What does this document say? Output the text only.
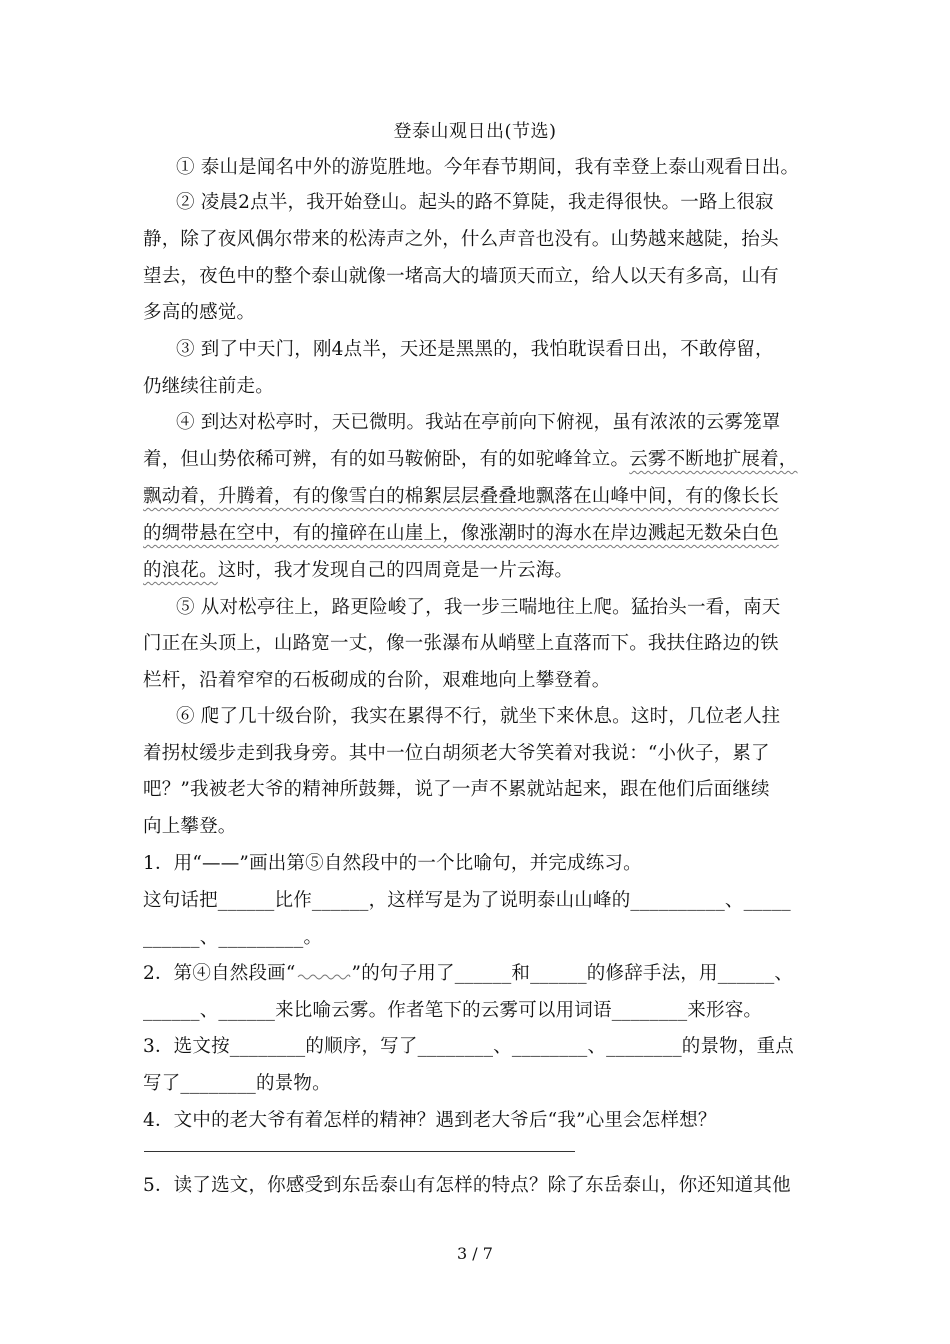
登泰山观日出(节选)
① 泰山是闻名中外的游览胜地。今年春节期间，我有幸登上泰山观看日出。
② 凌晨2点半，我开始登山。起头的路不算陡，我走得很快。一路上很寂
静，除了夜风偶尔带来的松涛声之外，什么声音也没有。山势越来越陡，抬头
望去，夜色中的整个泰山就像一堵高大的墙顶天而立，给人以天有多高，山有
多高的感觉。
③ 到了中天门，刚4点半，天还是黑黑的，我怕耽误看日出，不敢停留，
仍继续往前走。
④ 到达对松亭时，天已微明。我站在亭前向下俯视，虽有浓浓的云雾笼罩
着，但山势依稀可辨，有的如马鞍俯卧，有的如驼峰耸立。云雾不断地扩展着，
飘动着，升腾着，有的像雪白的棉絮层层叠叠地飘落在山峰中间，有的像长长
的绸带悬在空中，有的撞碎在山崖上，像涨潮时的海水在岸边溅起无数朵白色
的浪花。这时，我才发现自己的四周竟是一片云海。
⑤ 从对松亭往上，路更险峻了，我一步三喘地往上爬。猛抬头一看，南天
门正在头顶上，山路宽一丈，像一张瀑布从峭壁上直落而下。我扶住路边的铁
栏杆，沿着窄窄的石板砌成的台阶，艰难地向上攀登着。
⑥ 爬了几十级台阶，我实在累得不行，就坐下来休息。这时，几位老人拄
着拐杖缓步走到我身旁。其中一位白胡须老大爷笑着对我说：“小伙子，累了
吧？”我被老大爷的精神所鼓舞，说了一声不累就站起来，跟在他们后面继续
向上攀登。
1．用“——”画出第⑤自然段中的一个比喻句，并完成练习。
这句话把______比作______，这样写是为了说明泰山山峰的__________、_____
______、_________。
2．第④自然段画“	”的句子用了______和______的修辞手法，用______、
______、______来比喻云雾。作者笔下的云雾可以用词语________来形容。
3．选文按________的顺序，写了________、________、________的景物，重点
写了________的景物。
4．文中的老大爷有着怎样的精神？遇到老大爷后“我”心里会怎样想？
5．读了选文，你感受到东岳泰山有怎样的特点？除了东岳泰山，你还知道其他
3 / 7
